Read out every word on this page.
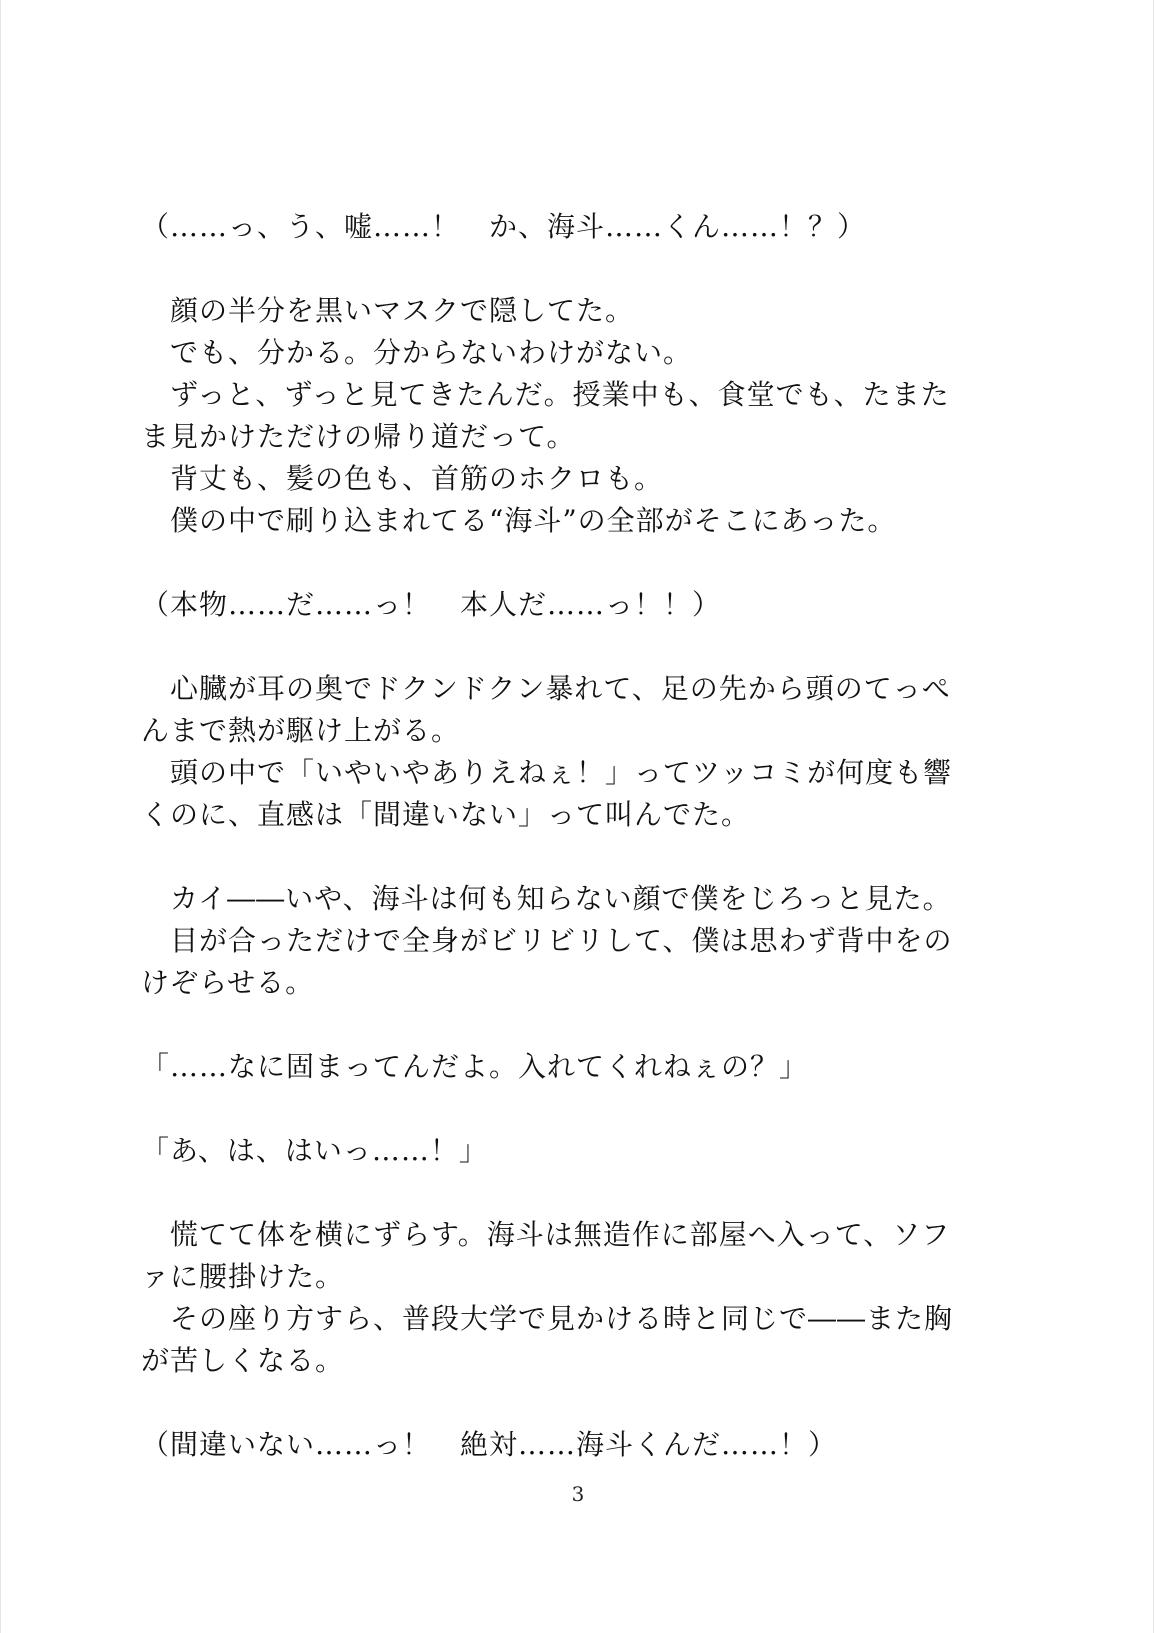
（……っ、う、嘘……！　か、海斗……くん……！？）
　顔の半分を黒いマスクで隠してた。
　でも、分かる。分からないわけがない。
　ずっと、ずっと見てきたんだ。授業中も、食堂でも、たまた
ま見かけただけの帰り道だって。
　背丈も、髪の色も、首筋のホクロも。
　僕の中で刷り込まれてる“海斗”の全部がそこにあった。
（本物……だ……っ！　本人だ……っ！！）
　心臓が耳の奥でドクンドクン暴れて、足の先から頭のてっぺ
んまで熱が駆け上がる。
　頭の中で「いやいやありえねぇ！」ってツッコミが何度も響
くのに、直感は「間違いない」って叫んでた。
　カイ――いや、海斗は何も知らない顔で僕をじろっと見た。
　目が合っただけで全身がビリビリして、僕は思わず背中をの
けぞらせる。
「……なに固まってんだよ。入れてくれねぇの？」
「あ、は、はいっ……！」
　慌てて体を横にずらす。海斗は無造作に部屋へ入って、ソフ
ァに腰掛けた。
　その座り方すら、普段大学で見かける時と同じで――また胸
が苦しくなる。
（間違いない……っ！　絶対……海斗くんだ……！）
3
